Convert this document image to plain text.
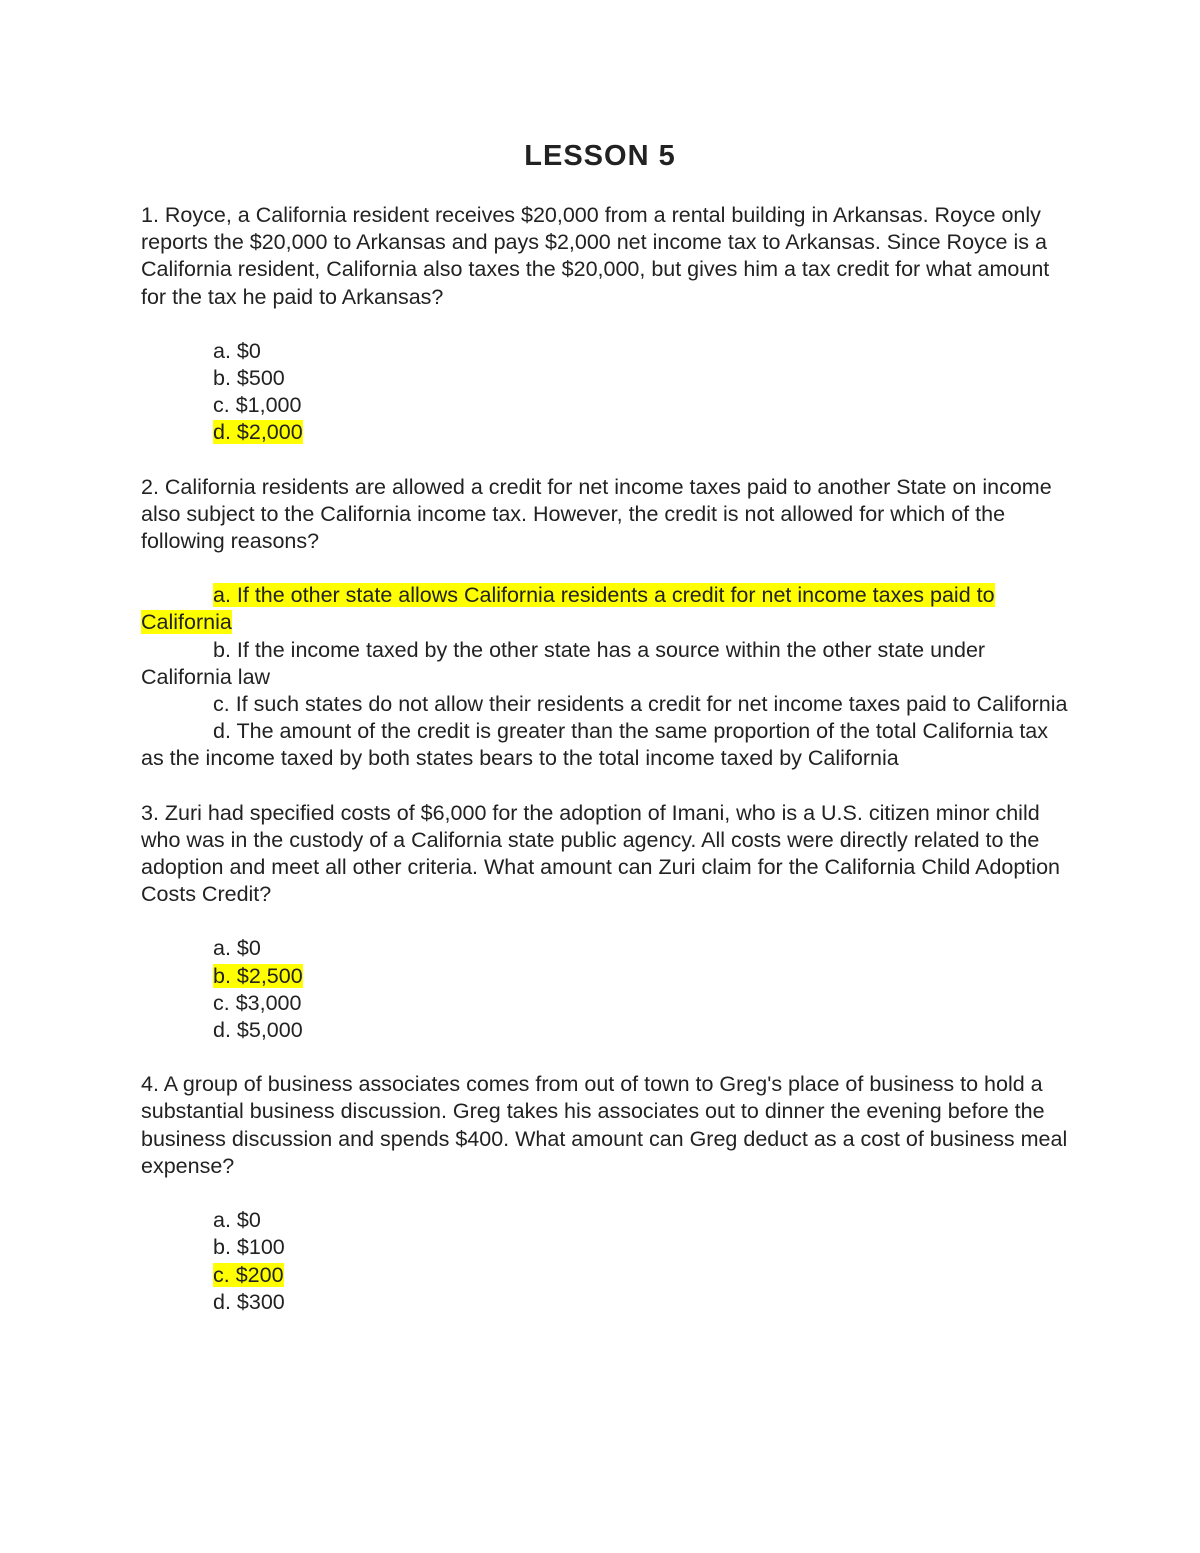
LESSON 5

1. Royce, a California resident receives $20,000 from a rental building in Arkansas. Royce only reports the $20,000 to Arkansas and pays $2,000 net income tax to Arkansas. Since Royce is a California resident, California also taxes the $20,000, but gives him a tax credit for what amount for the tax he paid to Arkansas?

a. $0
b. $500
c. $1,000
d. $2,000

2. California residents are allowed a credit for net income taxes paid to another State on income also subject to the California income tax. However, the credit is not allowed for which of the following reasons?

a. If the other state allows California residents a credit for net income taxes paid to California
b. If the income taxed by the other state has a source within the other state under California law
c. If such states do not allow their residents a credit for net income taxes paid to California
d. The amount of the credit is greater than the same proportion of the total California tax as the income taxed by both states bears to the total income taxed by California

3. Zuri had specified costs of $6,000 for the adoption of Imani, who is a U.S. citizen minor child who was in the custody of a California state public agency. All costs were directly related to the adoption and meet all other criteria. What amount can Zuri claim for the California Child Adoption Costs Credit?

a. $0
b. $2,500
c. $3,000
d. $5,000

4. A group of business associates comes from out of town to Greg's place of business to hold a substantial business discussion. Greg takes his associates out to dinner the evening before the business discussion and spends $400. What amount can Greg deduct as a cost of business meal expense?

a. $0
b. $100
c. $200
d. $300
